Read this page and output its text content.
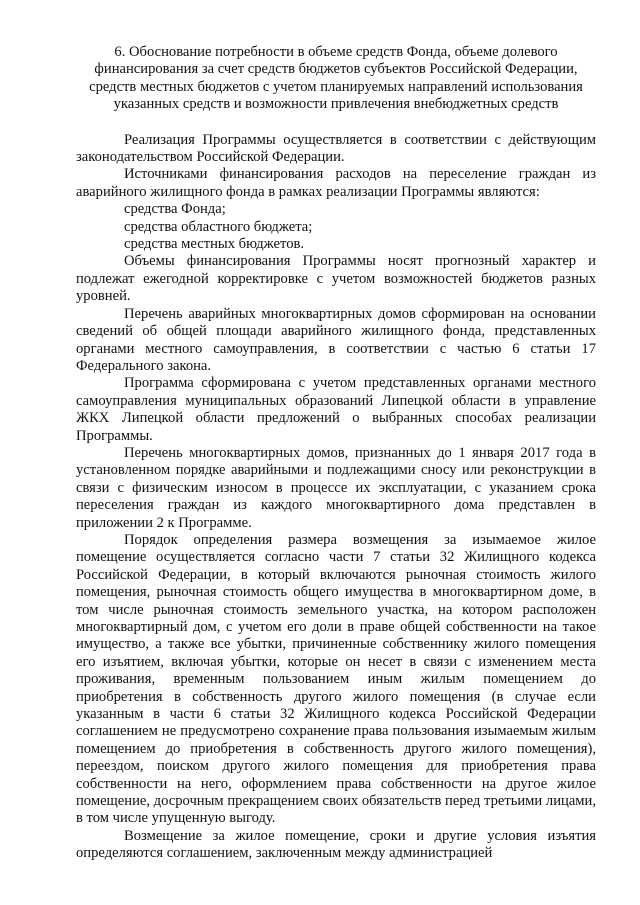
6. Обоснование потребности в объеме средств Фонда, объеме долевого финансирования за счет средств бюджетов субъектов Российской Федерации, средств местных бюджетов с учетом планируемых направлений использования указанных средств и возможности привлечения внебюджетных средств

Реализация Программы осуществляется в соответствии с действующим законодательством Российской Федерации.

Источниками финансирования расходов на переселение граждан из аварийного жилищного фонда в рамках реализации Программы являются:

средства Фонда;

средства областного бюджета;

средства местных бюджетов.

Объемы финансирования Программы носят прогнозный характер и подлежат ежегодной корректировке с учетом возможностей бюджетов разных уровней.

Перечень аварийных многоквартирных домов сформирован на основании сведений об общей площади аварийного жилищного фонда, представленных органами местного самоуправления, в соответствии с частью 6 статьи 17 Федерального закона.

Программа сформирована с учетом представленных органами местного самоуправления муниципальных образований Липецкой области в управление ЖКХ Липецкой области предложений о выбранных способах реализации Программы.

Перечень многоквартирных домов, признанных до 1 января 2017 года в установленном порядке аварийными и подлежащими сносу или реконструкции в связи с физическим износом в процессе их эксплуатации, с указанием срока переселения граждан из каждого многоквартирного дома представлен в приложении 2 к Программе.

Порядок определения размера возмещения за изымаемое жилое помещение осуществляется согласно части 7 статьи 32 Жилищного кодекса Российской Федерации, в который включаются рыночная стоимость жилого помещения, рыночная стоимость общего имущества в многоквартирном доме, в том числе рыночная стоимость земельного участка, на котором расположен многоквартирный дом, с учетом его доли в праве общей собственности на такое имущество, а также все убытки, причиненные собственнику жилого помещения его изъятием, включая убытки, которые он несет в связи с изменением места проживания, временным пользованием иным жилым помещением до приобретения в собственность другого жилого помещения (в случае если указанным в части 6 статьи 32 Жилищного кодекса Российской Федерации соглашением не предусмотрено сохранение права пользования изымаемым жилым помещением до приобретения в собственность другого жилого помещения), переездом, поиском другого жилого помещения для приобретения права собственности на него, оформлением права собственности на другое жилое помещение, досрочным прекращением своих обязательств перед третьими лицами, в том числе упущенную выгоду.

Возмещение за жилое помещение, сроки и другие условия изъятия определяются соглашением, заключенным между администрацией
